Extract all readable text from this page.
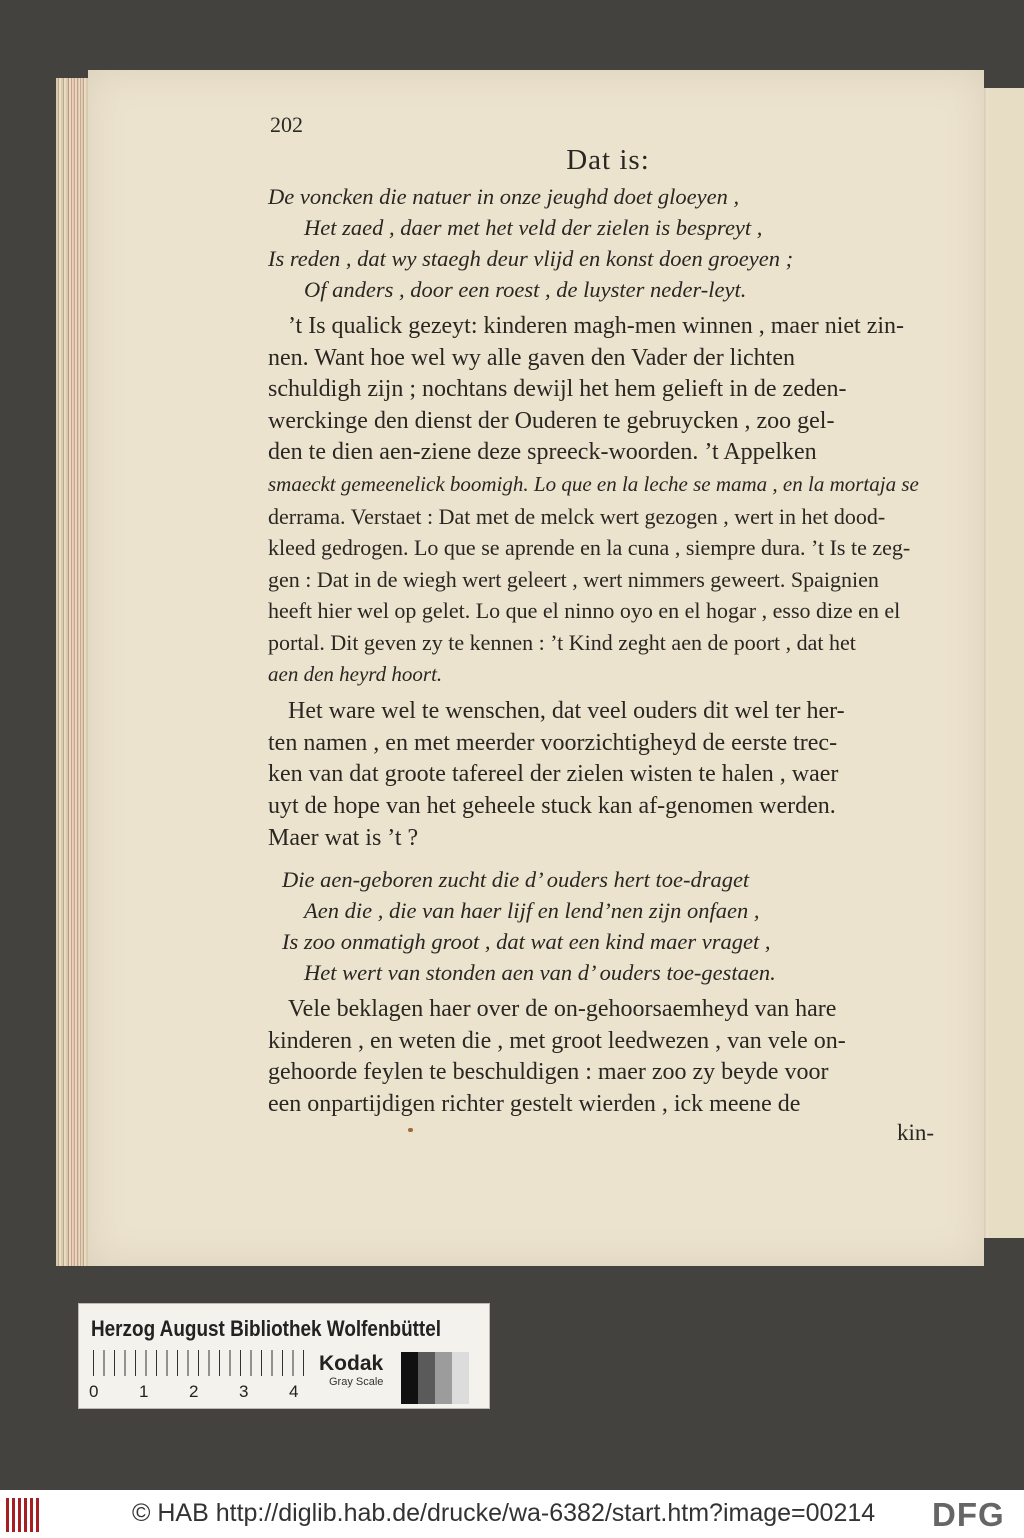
202
Dat is:
De voncken die natuer in onze jeughd doet gloeyen ,
Het zaed , daer met het veld der zielen is bespreyt ,
Is reden , dat wy staegh deur vlijd en konst doen groeyen ;
Of anders , door een roest , de luyster neder-leyt.
’t Is qualick gezeyt: kinderen magh-men winnen , maer niet zin-
nen. Want hoe wel wy alle gaven den Vader der lichten
schuldigh zijn ; nochtans dewijl het hem gelieft in de zeden-
werckinge den dienst der Ouderen te gebruycken , zoo gel-
den te dien aen-ziene deze spreeck-woorden. ’t Appelken
smaeckt gemeenelick boomigh. Lo que en la leche se mama , en la mortaja se
derrama. Verstaet : Dat met de melck wert gezogen , wert in het dood-
kleed gedrogen. Lo que se aprende en la cuna , siempre dura. ’t Is te zeg-
gen : Dat in de wiegh wert geleert , wert nimmers geweert. Spaignien
heeft hier wel op gelet. Lo que el ninno oyo en el hogar , esso dize en el
portal. Dit geven zy te kennen : ’t Kind zeght aen de poort , dat het
aen den heyrd hoort.
Het ware wel te wenschen, dat veel ouders dit wel ter her-
ten namen , en met meerder voorzichtigheyd de eerste trec-
ken van dat groote tafereel der zielen wisten te halen , waer
uyt de hope van het geheele stuck kan af-genomen werden.
Maer wat is ’t ?
Die aen-geboren zucht die d’ ouders hert toe-draget
Aen die , die van haer lijf en lend’nen zijn onfaen ,
Is zoo onmatigh groot , dat wat een kind maer vraget ,
Het wert van stonden aen van d’ ouders toe-gestaen.
Vele beklagen haer over de on-gehoorsaemheyd van hare
kinderen , en weten die , met groot leedwezen , van vele on-
gehoorde feylen te beschuldigen : maer zoo zy beyde voor
een onpartijdigen richter gestelt wierden , ick meene de
kin-
Herzog August Bibliothek Wolfenbüttel
0 1 2 3 4
Kodak
Gray Scale
© HAB http://diglib.hab.de/drucke/wa-6382/start.htm?image=00214 DFG
